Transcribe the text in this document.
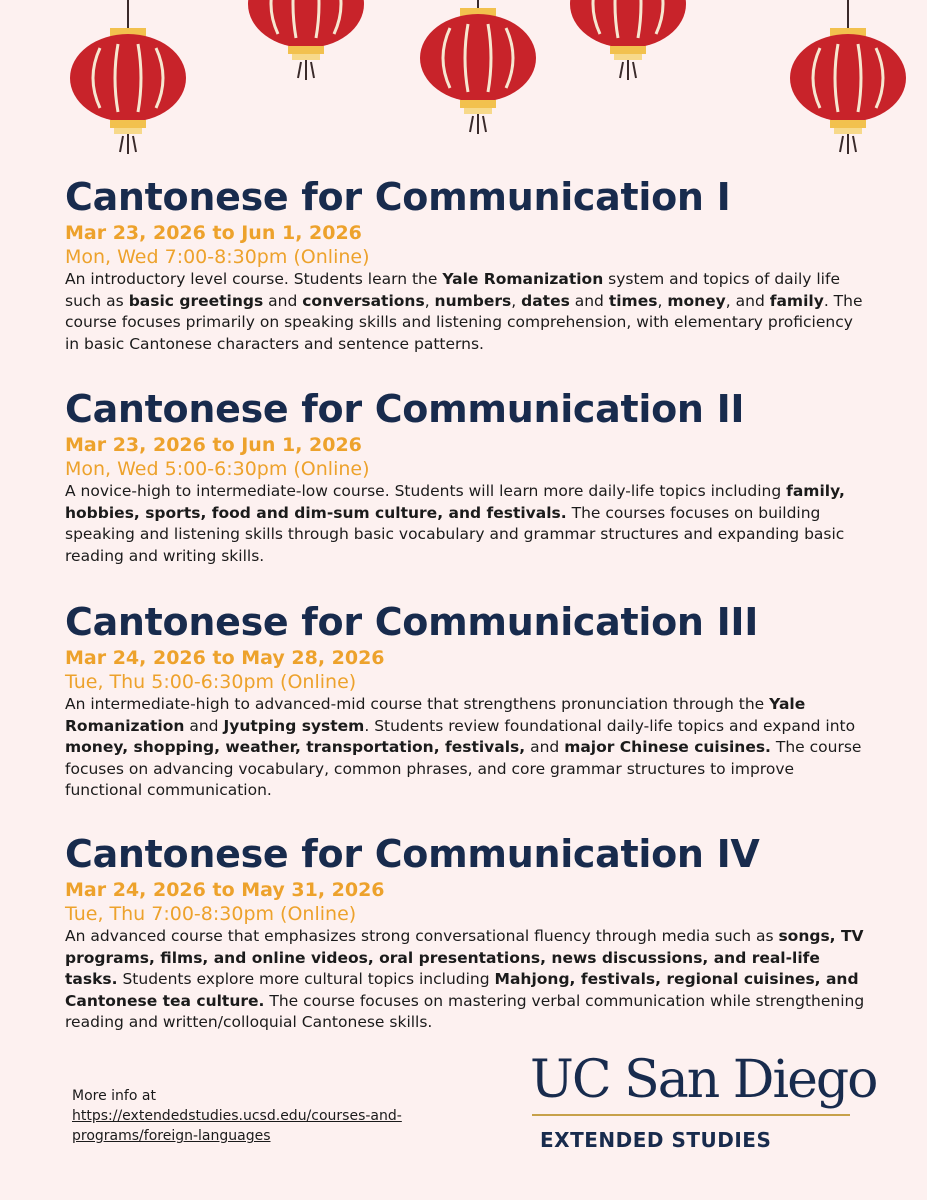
Cantonese for Communication I
Mar 23, 2026 to Jun 1, 2026
Mon, Wed 7:00-8:30pm (Online)

An introductory level course. Students learn the Yale Romanization system and topics of daily life such as basic greetings and conversations, numbers, dates and times, money, and family. The course focuses primarily on speaking skills and listening comprehension, with elementary proficiency in basic Cantonese characters and sentence patterns.

Cantonese for Communication II
Mar 23, 2026 to Jun 1, 2026
Mon, Wed 5:00-6:30pm (Online)

A novice-high to intermediate-low course. Students will learn more daily-life topics including family, hobbies, sports, food and dim-sum culture, and festivals. The courses focuses on building speaking and listening skills through basic vocabulary and grammar structures and expanding basic reading and writing skills.

Cantonese for Communication III
Mar 24, 2026 to May 28, 2026
Tue, Thu 5:00-6:30pm (Online)

An intermediate-high to advanced-mid course that strengthens pronunciation through the Yale Romanization and Jyutping system. Students review foundational daily-life topics and expand into money, shopping, weather, transportation, festivals, and major Chinese cuisines. The course focuses on advancing vocabulary, common phrases, and core grammar structures to improve functional communication.

Cantonese for Communication IV
Mar 24, 2026 to May 31, 2026
Tue, Thu 7:00-8:30pm (Online)

An advanced course that emphasizes strong conversational fluency through media such as songs, TV programs, films, and online videos, oral presentations, news discussions, and real-life tasks. Students explore more cultural topics including Mahjong, festivals, regional cuisines, and Cantonese tea culture. The course focuses on mastering verbal communication while strengthening reading and written/colloquial Cantonese skills.

More info at
https://extendedstudies.ucsd.edu/courses-and-programs/foreign-languages
UC San Diego
EXTENDED STUDIES
